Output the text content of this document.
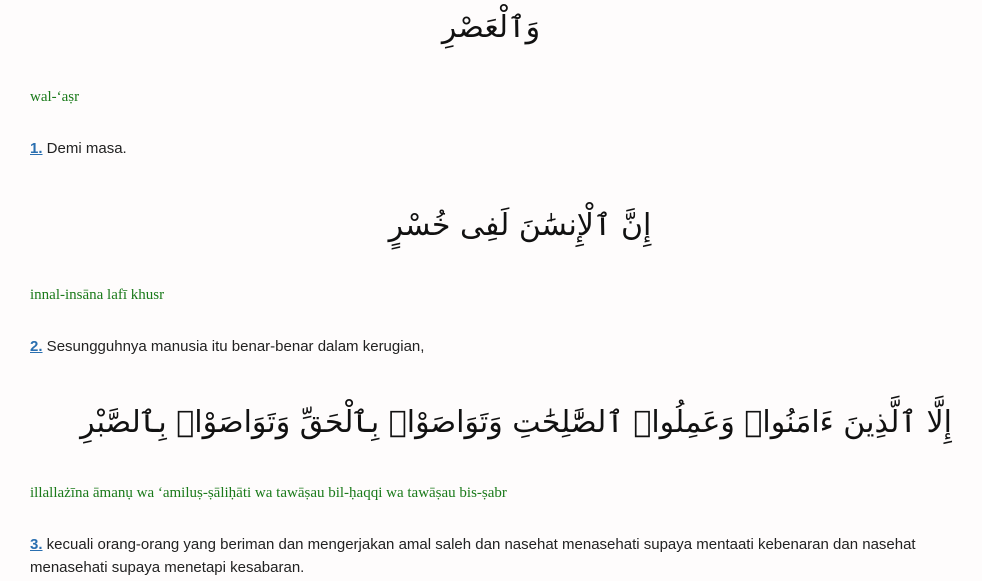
وَٱلْعَصْرِ

wal-‘aṣr

1. Demi masa.

إِنَّ ٱلْإِنسَٰنَ لَفِى خُسْرٍ

innal-insāna lafī khusr

2. Sesungguhnya manusia itu benar-benar dalam kerugian,

إِلَّا ٱلَّذِينَ ءَامَنُوا۟ وَعَمِلُوا۟ ٱلصَّٰلِحَٰتِ وَتَوَاصَوْا۟ بِٱلْحَقِّ وَتَوَاصَوْا۟ بِٱلصَّبْرِ

illallażīna āmanụ wa ‘amiluṣ-ṣāliḥāti wa tawāṣau bil-ḥaqqi wa tawāṣau bis-ṣabr

3. kecuali orang-orang yang beriman dan mengerjakan amal saleh dan nasehat menasehati supaya mentaati kebenaran dan nasehat menasehati supaya menetapi kesabaran.
